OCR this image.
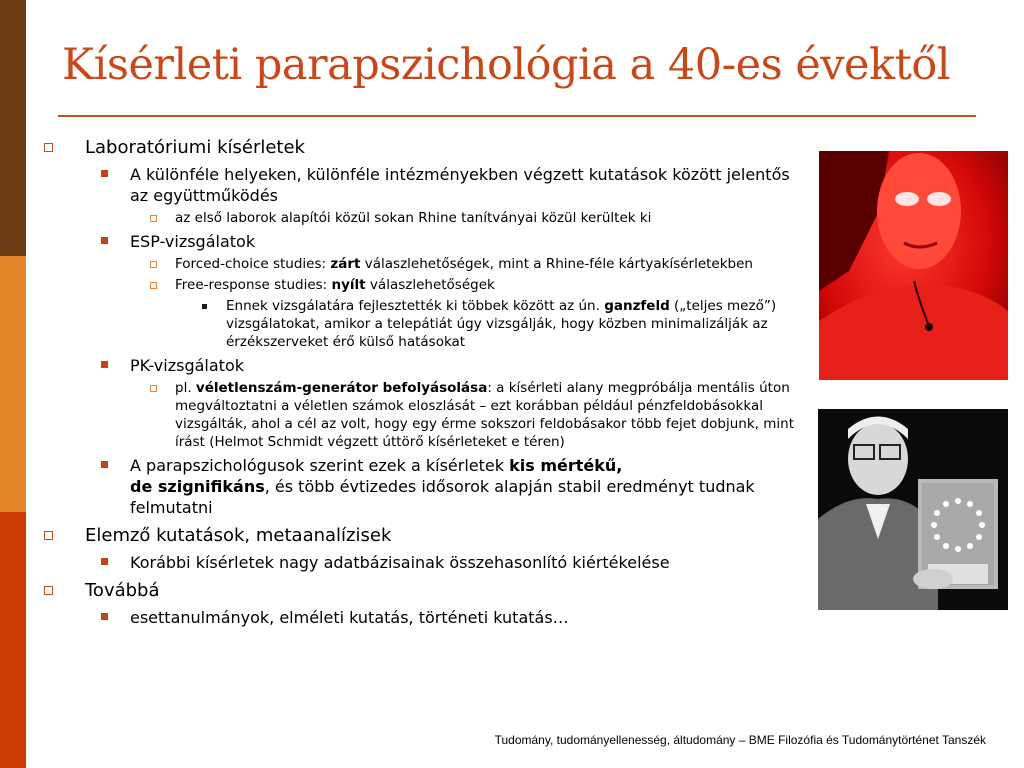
Kísérleti parapszichológia a 40-es évektől
Laboratóriumi kísérletek
A különféle helyeken, különféle intézményekben végzett kutatások között jelentős az együttműködés
az első laborok alapítói közül sokan Rhine tanítványai közül kerültek ki
ESP-vizsgálatok
Forced-choice studies: zárt válaszlehetőségek, mint a Rhine-féle kártyakísérletekben
Free-response studies: nyílt válaszlehetőségek
Ennek vizsgálatára fejlesztették ki többek között az ún. ganzfeld („teljes mező”) vizsgálatokat, amikor a telepátiát úgy vizsgálják, hogy közben minimalizálják az érzékszerveket érő külső hatásokat
PK-vizsgálatok
pl. véletlenszám-generátor befolyásolása: a kísérleti alany megpróbálja mentális úton megváltoztatni a véletlen számok eloszlását – ezt korábban például pénzfeldobásokkal vizsgálták, ahol a cél az volt, hogy egy érme sokszori feldobásakor több fejet dobjunk, mint írást (Helmot Schmidt végzett úttörő kísérleteket e téren)
A parapszichológusok szerint ezek a kísérletek kis mértékű,
de szignifikáns, és több évtizedes idősorok alapján stabil eredményt tudnak felmutatni
Elemző kutatások, metaanalízisek
Korábbi kísérletek nagy adatbázisainak összehasonlító kiértékelése
Továbbá
esettanulmányok, elméleti kutatás, történeti kutatás…
Tudomány, tudományellenesség, áltudomány – BME Filozófia és Tudománytörténet Tanszék
